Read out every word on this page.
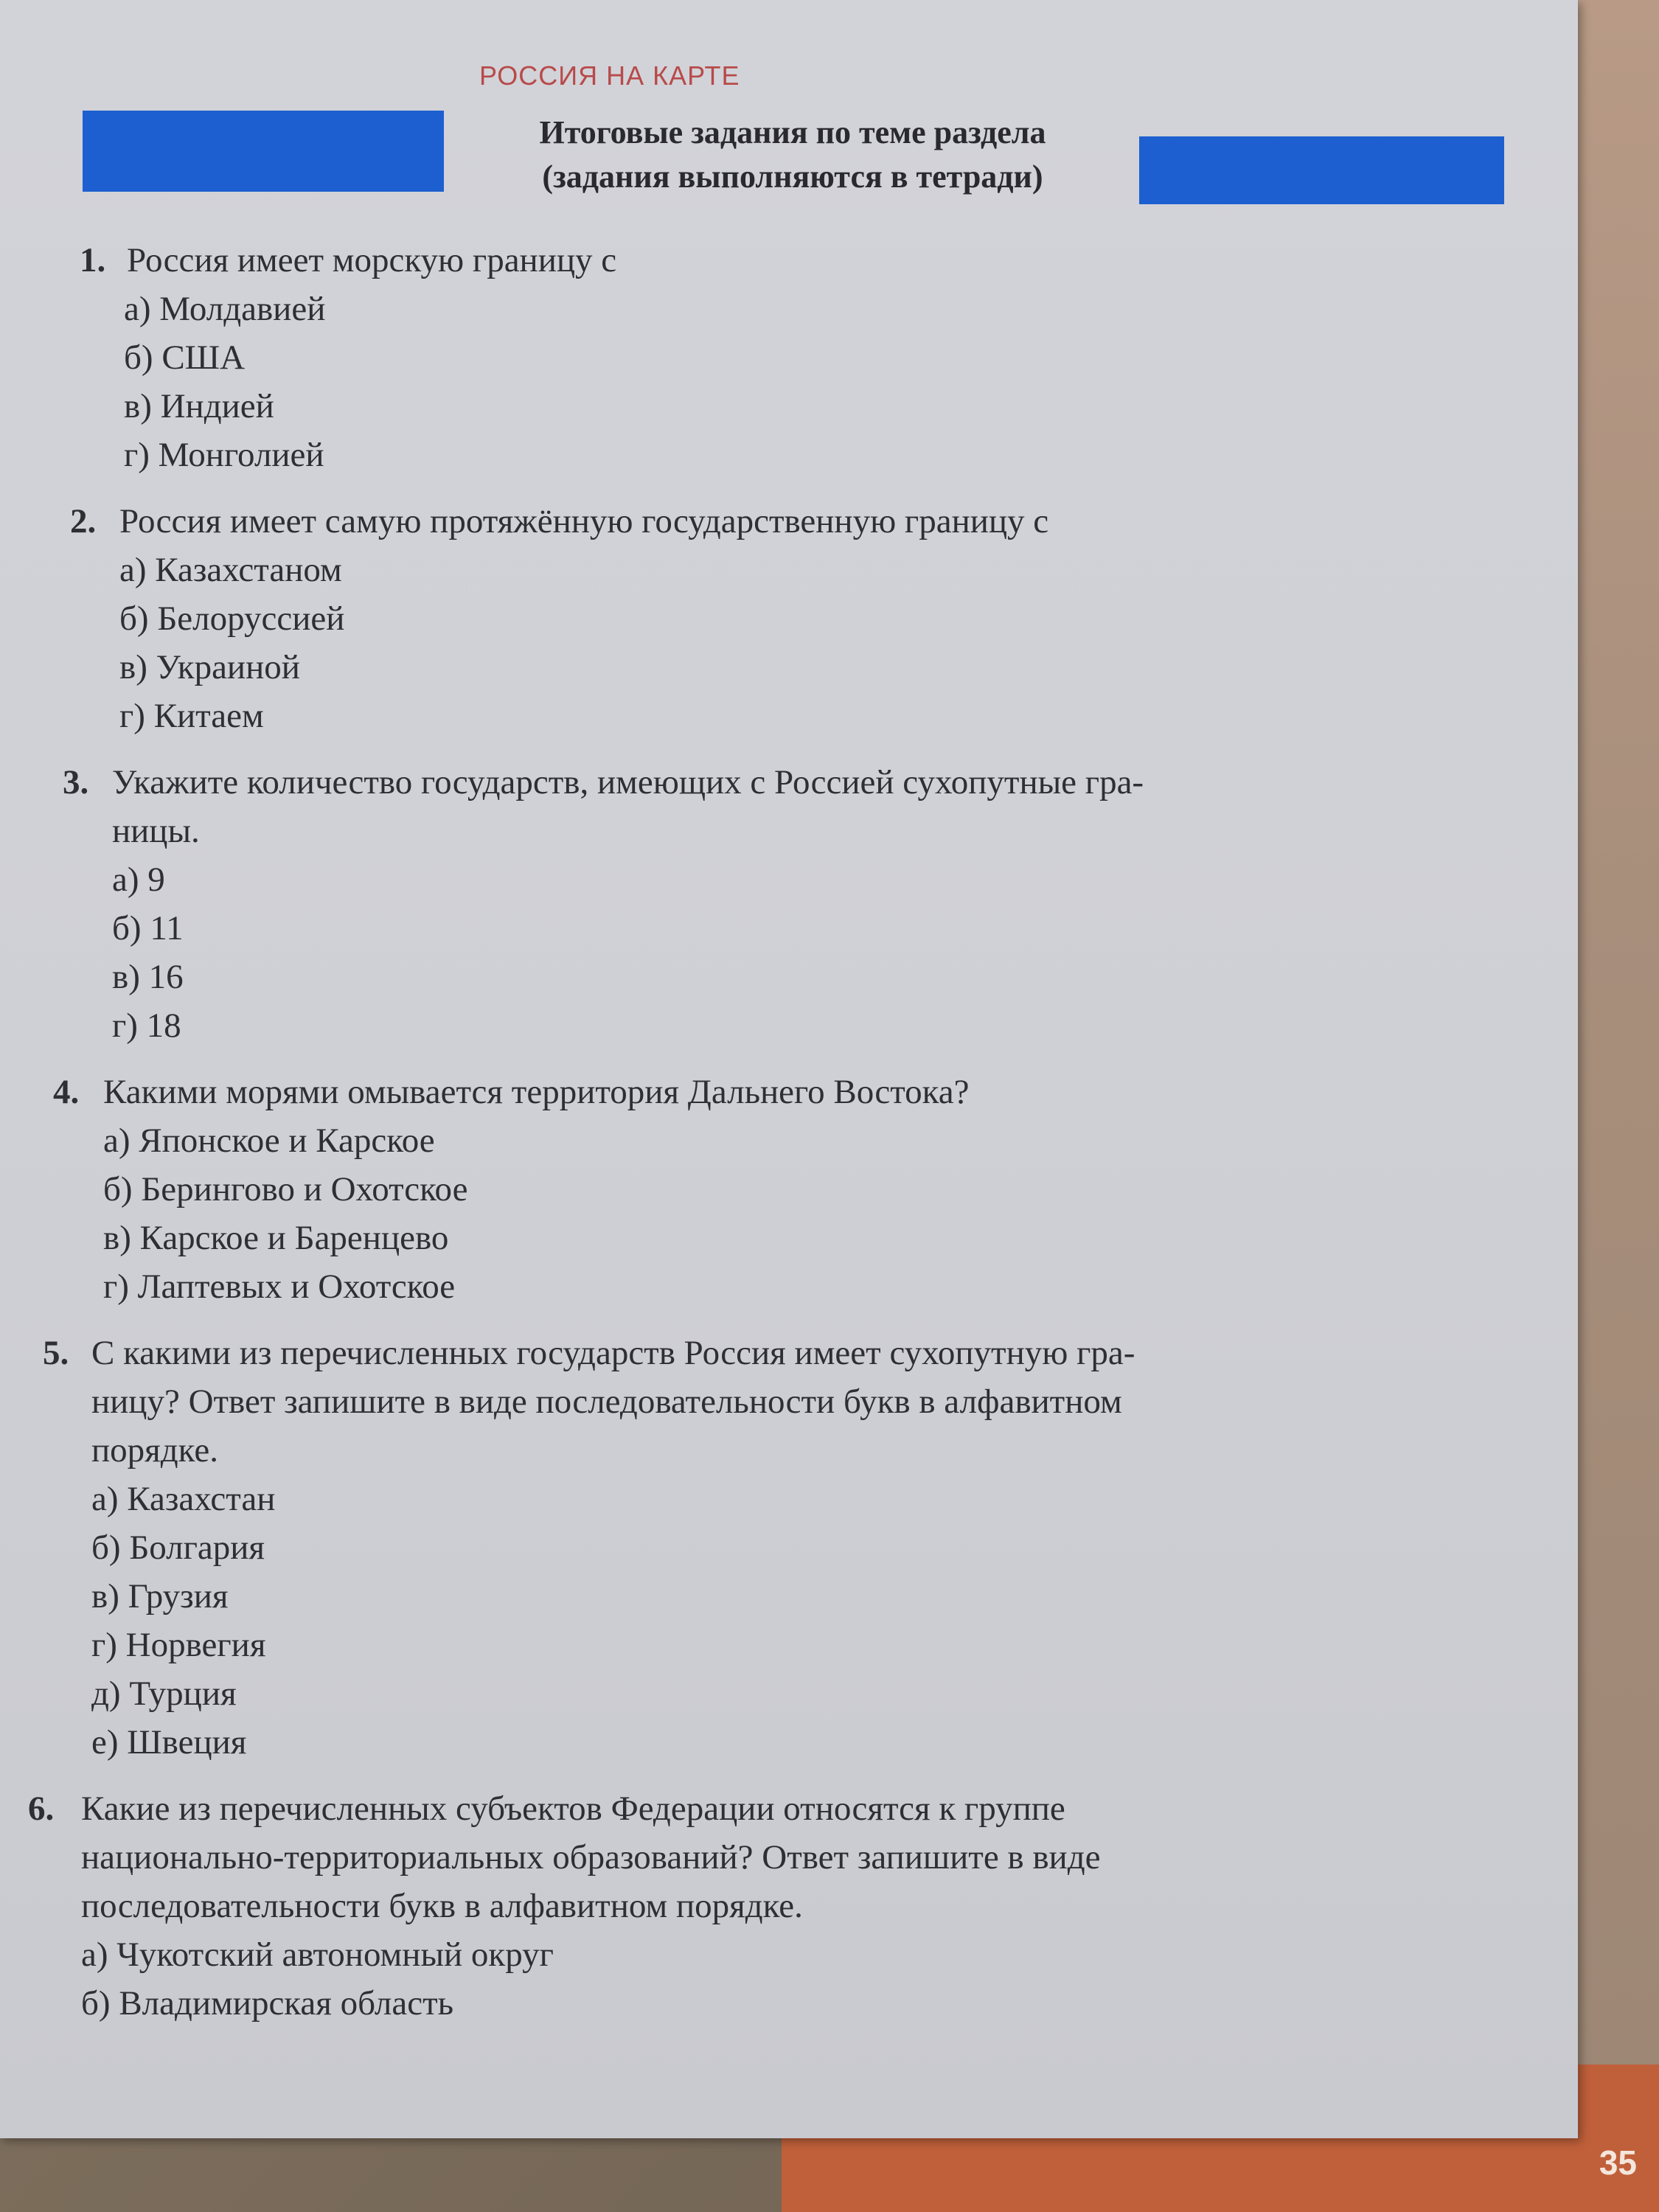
35
РОССИЯ НА КАРТЕ
Итоговые задания по теме раздела
(задания выполняются в тетради)
1. Россия имеет морскую границу с
а) Молдавией
б) США
в) Индией
г) Монголией
2. Россия имеет самую протяжённую государственную границу с
а) Казахстаном
б) Белоруссией
в) Украиной
г) Китаем
3. Укажите количество государств, имеющих с Россией сухопутные гра-
ницы.
а) 9
б) 11
в) 16
г) 18
4. Какими морями омывается территория Дальнего Востока?
а) Японское и Карское
б) Берингово и Охотское
в) Карское и Баренцево
г) Лаптевых и Охотское
5. С какими из перечисленных государств Россия имеет сухопутную гра-
ницу? Ответ запишите в виде последовательности букв в алфавитном
порядке.
а) Казахстан
б) Болгария
в) Грузия
г) Норвегия
д) Турция
е) Швеция
6. Какие из перечисленных субъектов Федерации относятся к группе
национально-территориальных образований? Ответ запишите в виде
последовательности букв в алфавитном порядке.
а) Чукотский автономный округ
б) Владимирская область
